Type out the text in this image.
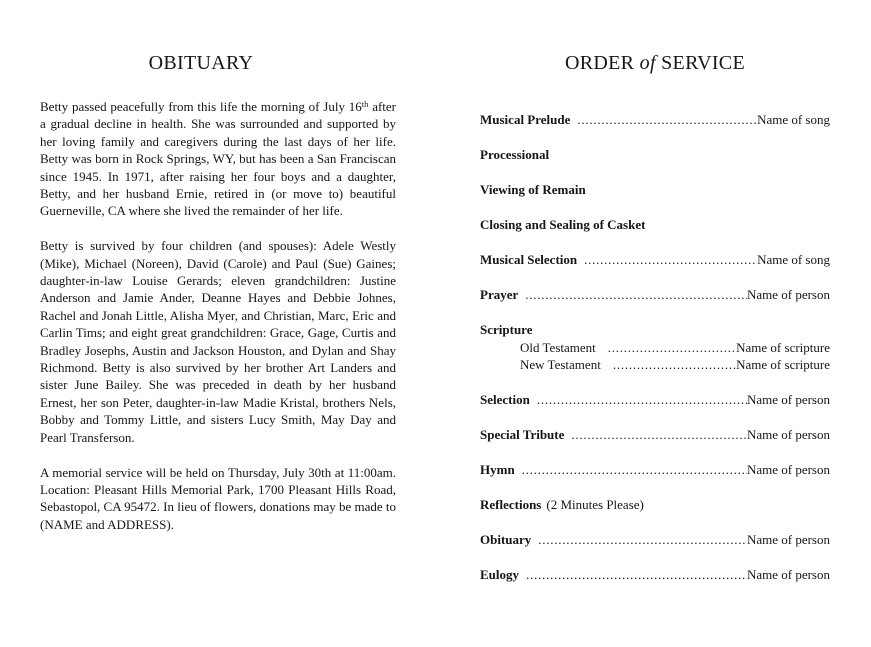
OBITUARY

Betty passed peacefully from this life the morning of July 16th after a gradual decline in health. She was surrounded and supported by her loving family and caregivers during the last days of her life. Betty was born in Rock Springs, WY, but has been a San Franciscan since 1945. In 1971, after raising her four boys and a daughter, Betty, and her husband Ernie, retired in (or move to) beautiful Guerneville, CA where she lived the remainder of her life.

Betty is survived by four children (and spouses): Adele Westly (Mike), Michael (Noreen), David (Carole) and Paul (Sue) Gaines; daughter-in-law Louise Gerards; eleven grandchildren: Justine Anderson and Jamie Ander, Deanne Hayes and Debbie Johnes, Rachel and Jonah Little, Alisha Myer, and Christian, Marc, Eric and Carlin Tims; and eight great grandchildren: Grace, Gage, Curtis and Bradley Josephs, Austin and Jackson Houston, and Dylan and Shay Richmond. Betty is also survived by her brother Art Landers and sister June Bailey. She was preceded in death by her husband Ernest, her son Peter, daughter-in-law Madie Kristal, brothers Nels, Bobby and Tommy Little, and sisters Lucy Smith, May Day and Pearl Transferson.

A memorial service will be held on Thursday, July 30th at 11:00am. Location: Pleasant Hills Memorial Park, 1700 Pleasant Hills Road, Sebastopol, CA 95472. In lieu of flowers, donations may be made to (NAME and ADDRESS).

ORDER of SERVICE
Musical Prelude .....	Name of song
Processional
Viewing of Remain
Closing and Sealing of Casket
Musical Selection .....	Name of song
Prayer .....	Name of person
Scripture
Old Testament .....	Name of scripture
New Testament .....	Name of scripture
Selection .....	Name of person
Special Tribute .....	Name of person
Hymn .....	Name of person
Reflections (2 Minutes Please)
Obituary .....	Name of person
Eulogy .....	Name of person
